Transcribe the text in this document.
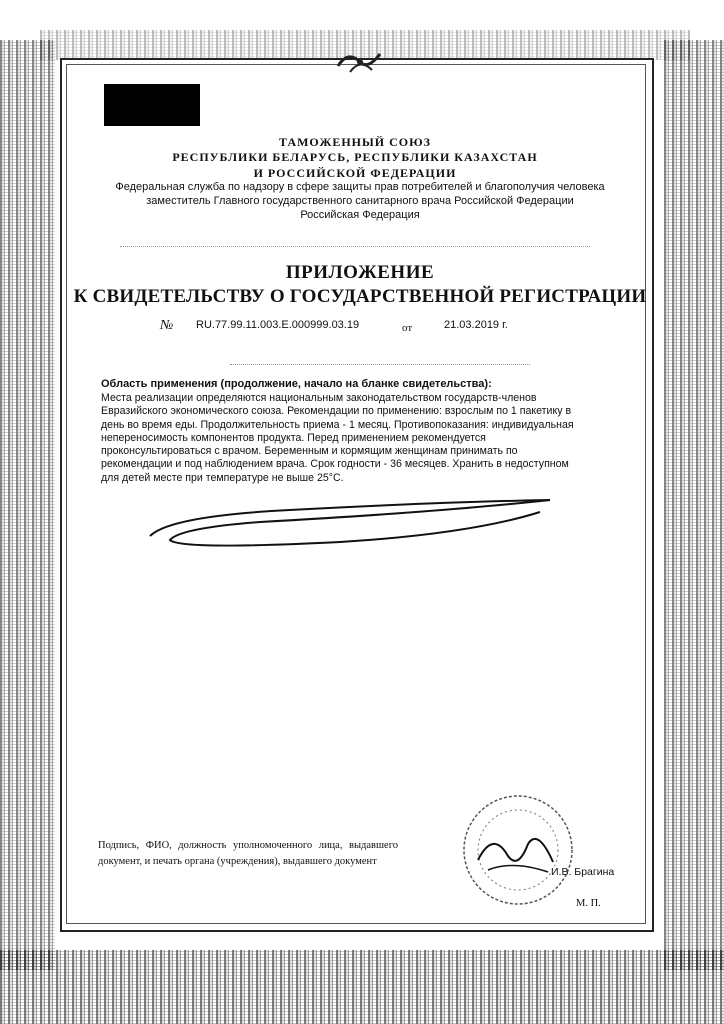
ТАМОЖЕННЫЙ СОЮЗ
РЕСПУБЛИКИ БЕЛАРУСЬ, РЕСПУБЛИКИ КАЗАХСТАН
И РОССИЙСКОЙ ФЕДЕРАЦИИ
Федеральная служба по надзору в сфере защиты прав потребителей и благополучия человека
заместитель Главного государственного санитарного врача Российской Федерации
Российская Федерация
ПРИЛОЖЕНИЕ
К СВИДЕТЕЛЬСТВУ О ГОСУДАРСТВЕННОЙ РЕГИСТРАЦИИ
№ RU.77.99.11.003.E.000999.03.19	от	21.03.2019 г.
Область применения (продолжение, начало на бланке свидетельства):
Места реализации определяются национальным законодательством государств-членов
Евразийского экономического союза. Рекомендации по применению: взрослым по 1 пакетику в
день во время еды. Продолжительность приема - 1 месяц. Противопоказания: индивидуальная
непереносимость компонентов продукта. Перед применением рекомендуется
проконсультироваться с врачом. Беременным и кормящим женщинам принимать по
рекомендации и под наблюдением врача. Срок годности - 36 месяцев. Хранить в недоступном
для детей месте при температуре не выше 25°С.
Подпись, ФИО, должность уполномоченного лица, выдавшего документ, и печать органа (учреждения), выдавшего документ
И.В. Брагина
М. П.
